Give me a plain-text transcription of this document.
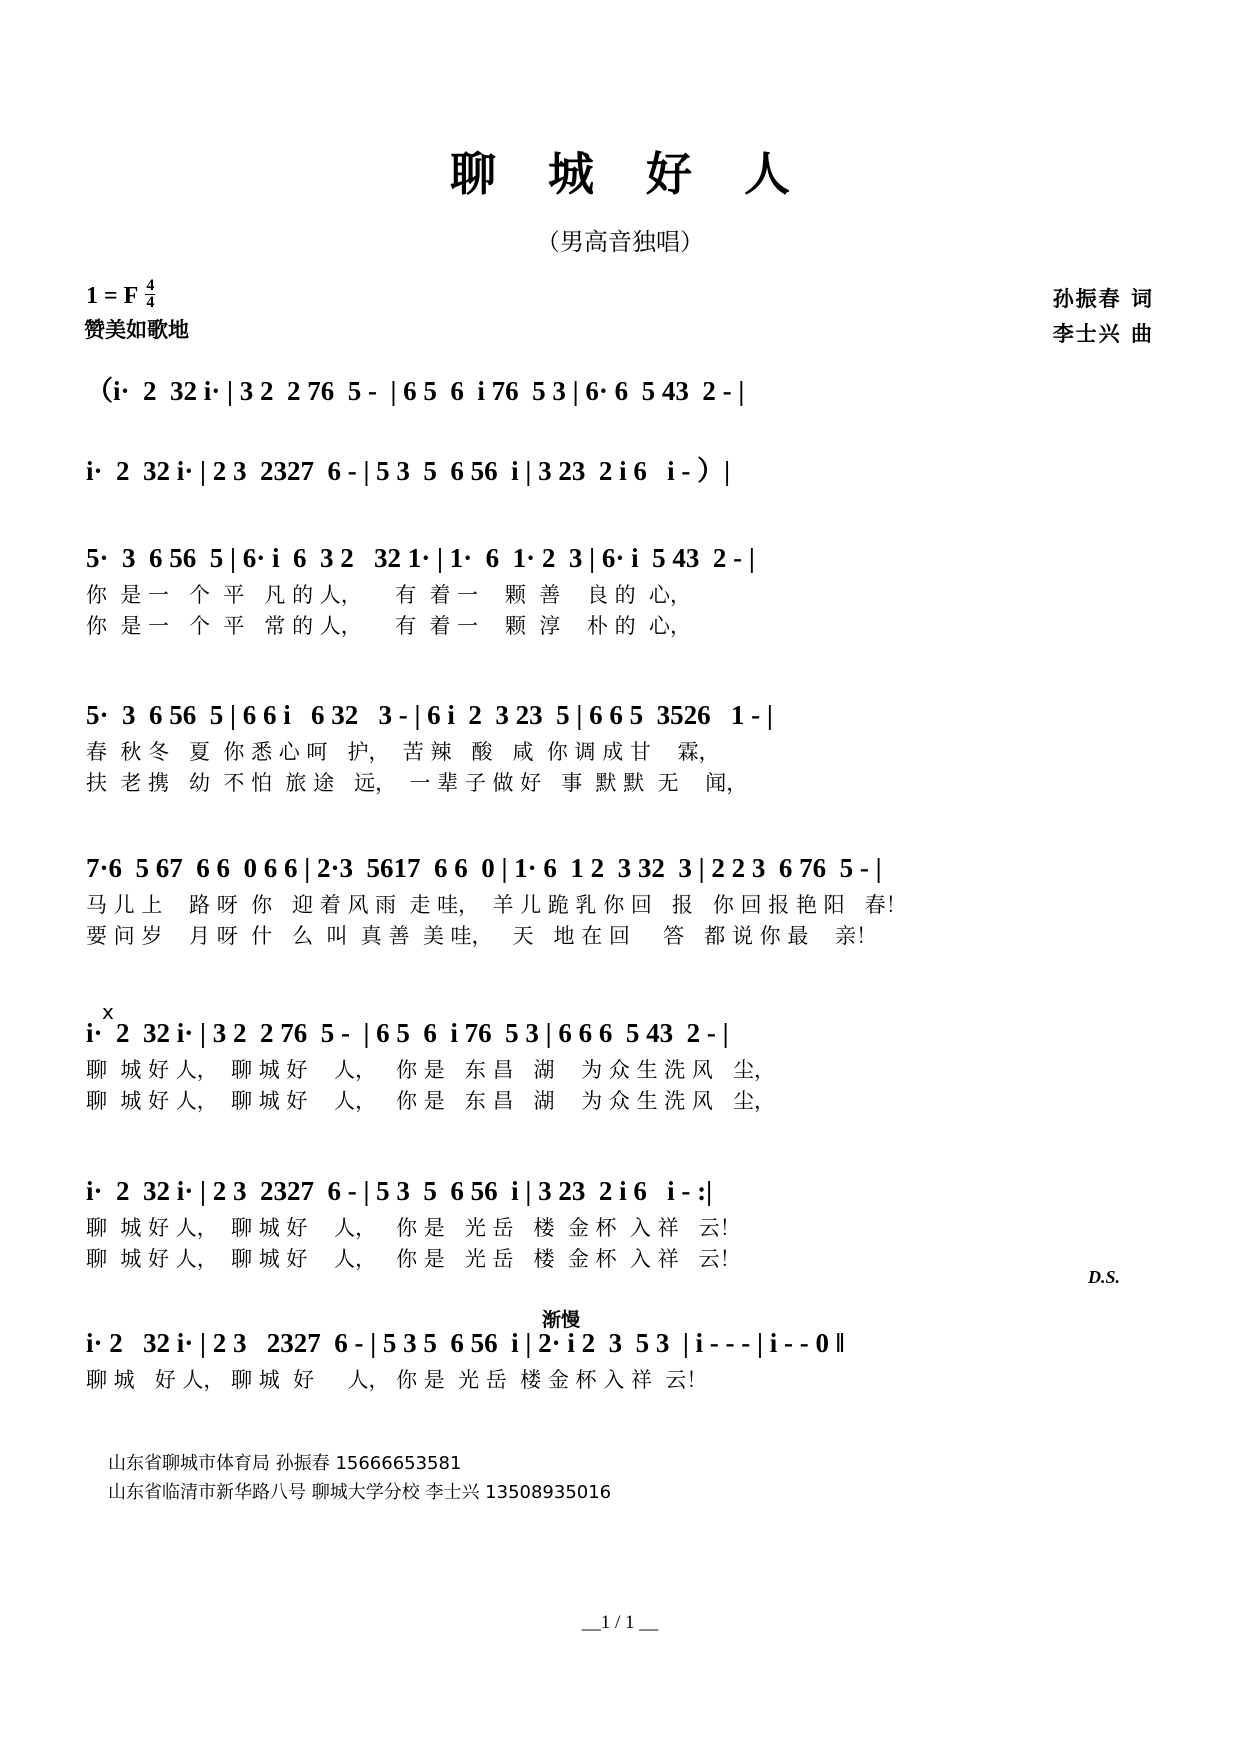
聊 城 好 人
（男高音独唱）
1 = F $\frac{4}{4}$
赞美如歌地
孙振春 词
李士兴 曲
（i·  2  32 i· | 3 2  2 76  5 -  | 6 5  6  i 76  5 3 | 6· 6  5 43  2 - |
i·  2  32 i· | 2 3  2327  6 - | 5 3  5  6 56  i | 3 23  2 i 6   i - ）|
5·  3  6 56  5 | 6· i  6  3 2   32 1· | 1·  6  1· 2  3 | 6· i  5 43  2 - |
你  是 一   个  平   凡 的 人，     有  着 一    颗  善    良 的  心，
你  是 一   个  平   常 的 人，     有  着 一    颗  淳    朴 的  心，
5·  3  6 56  5 | 6 6 i   6 32   3 - | 6 i  2  3 23  5 | 6 6 5  3526   1 - |
春  秋 冬   夏  你 悉 心 呵   护，  苦 辣   酸   咸  你 调 成 甘    霖，
扶  老 携   幼  不 怕  旅 途   远，  一 辈 子 做 好   事  默 默  无    闻，
7·6  5 67  6 6  0 6 6 | 2·3  5617  6 6  0 | 1· 6  1 2  3 32  3 | 2 2 3  6 76  5 - |
马 儿 上    路 呀  你   迎 着 风 雨  走 哇，  羊 儿 跪 乳 你 回   报   你 回 报 艳 阳   春！
要 问 岁    月 呀  什   么  叫  真 善  美 哇，   天   地 在 回     答   都 说 你 最    亲！
x
i·  2  32 i· | 3 2  2 76  5 -  | 6 5  6  i 76  5 3 | 6 6 6  5 43  2 - |
聊  城 好 人，  聊 城 好    人，   你 是   东 昌   湖    为 众 生 洗 风   尘，
聊  城 好 人，  聊 城 好    人，   你 是   东 昌   湖    为 众 生 洗 风   尘，
i·  2  32 i· | 2 3  2327  6 - | 5 3  5  6 56  i | 3 23  2 i 6   i - :|
聊  城 好 人，  聊 城 好    人，   你 是   光 岳   楼  金 杯  入 祥   云！
聊  城 好 人，  聊 城 好    人，   你 是   光 岳   楼  金 杯  入 祥   云！
D.S.
渐慢
i· 2   32 i· | 2 3   2327  6 - | 5 3 5  6 56  i | 2· i 2  3  5 3  | i - - - | i - - 0 ‖
聊 城   好 人， 聊 城  好     人， 你 是  光 岳  楼 金 杯 入 祥  云！
山东省聊城市体育局 孙振春 15666653581
山东省临清市新华路八号 聊城大学分校 李士兴 13508935016
__1 / 1 __
